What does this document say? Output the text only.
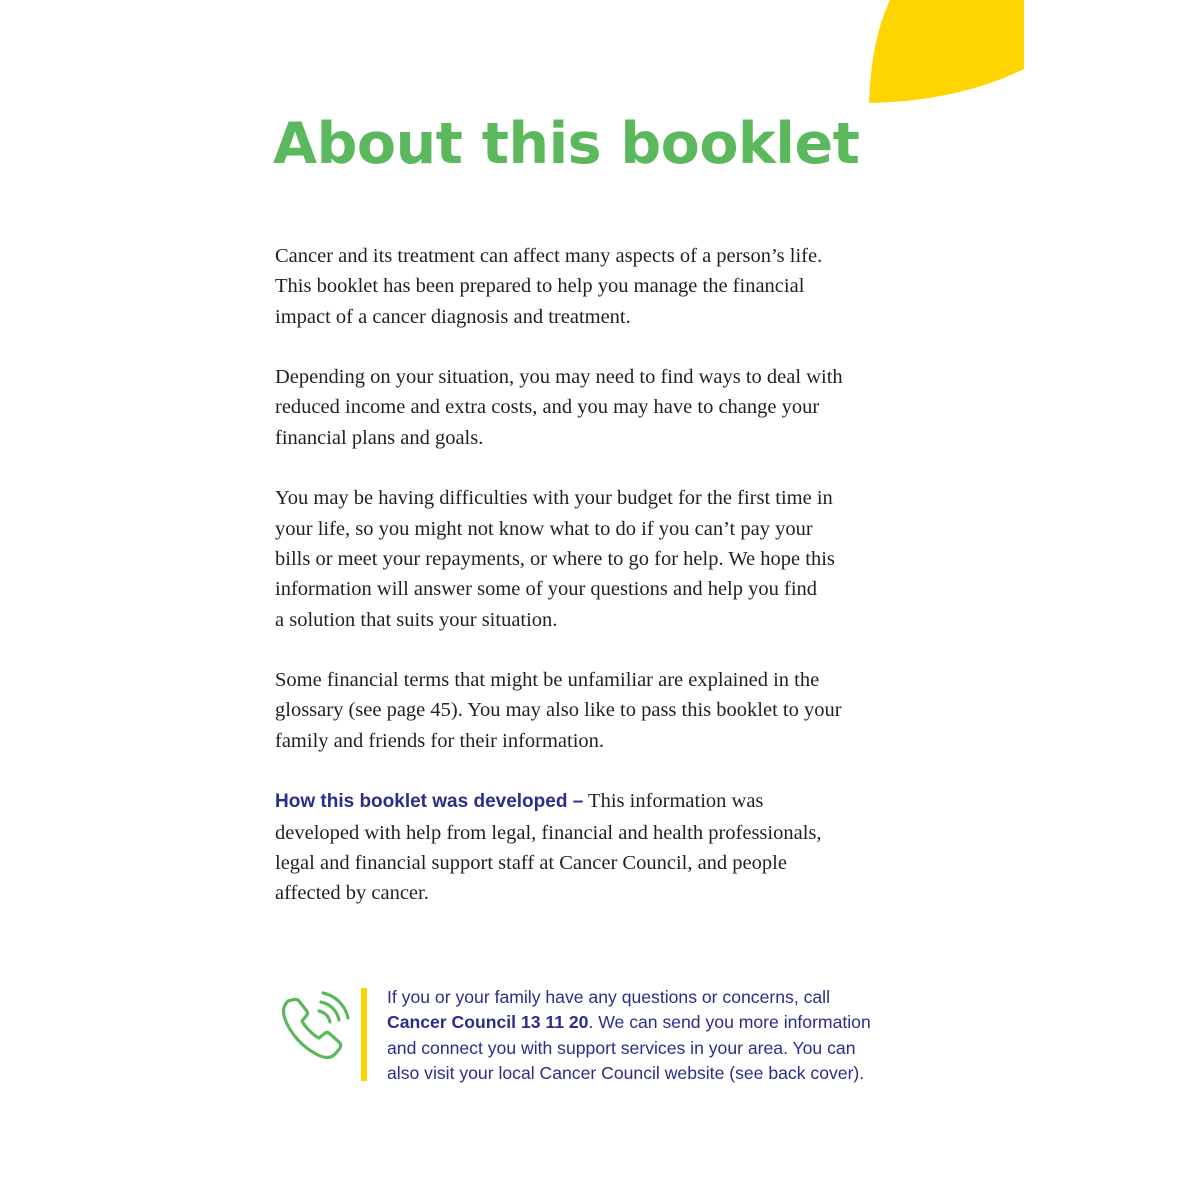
About this booklet

Cancer and its treatment can affect many aspects of a person’s life.
This booklet has been prepared to help you manage the financial
impact of a cancer diagnosis and treatment.

Depending on your situation, you may need to find ways to deal with
reduced income and extra costs, and you may have to change your
financial plans and goals.

You may be having difficulties with your budget for the first time in
your life, so you might not know what to do if you can’t pay your
bills or meet your repayments, or where to go for help. We hope this
information will answer some of your questions and help you find
a solution that suits your situation.

Some financial terms that might be unfamiliar are explained in the
glossary (see page 45). You may also like to pass this booklet to your
family and friends for their information.

How this booklet was developed – This information was
developed with help from legal, financial and health professionals,
legal and financial support staff at Cancer Council, and people
affected by cancer.

If you or your family have any questions or concerns, call
Cancer Council 13 11 20. We can send you more information
and connect you with support services in your area. You can
also visit your local Cancer Council website (see back cover).
